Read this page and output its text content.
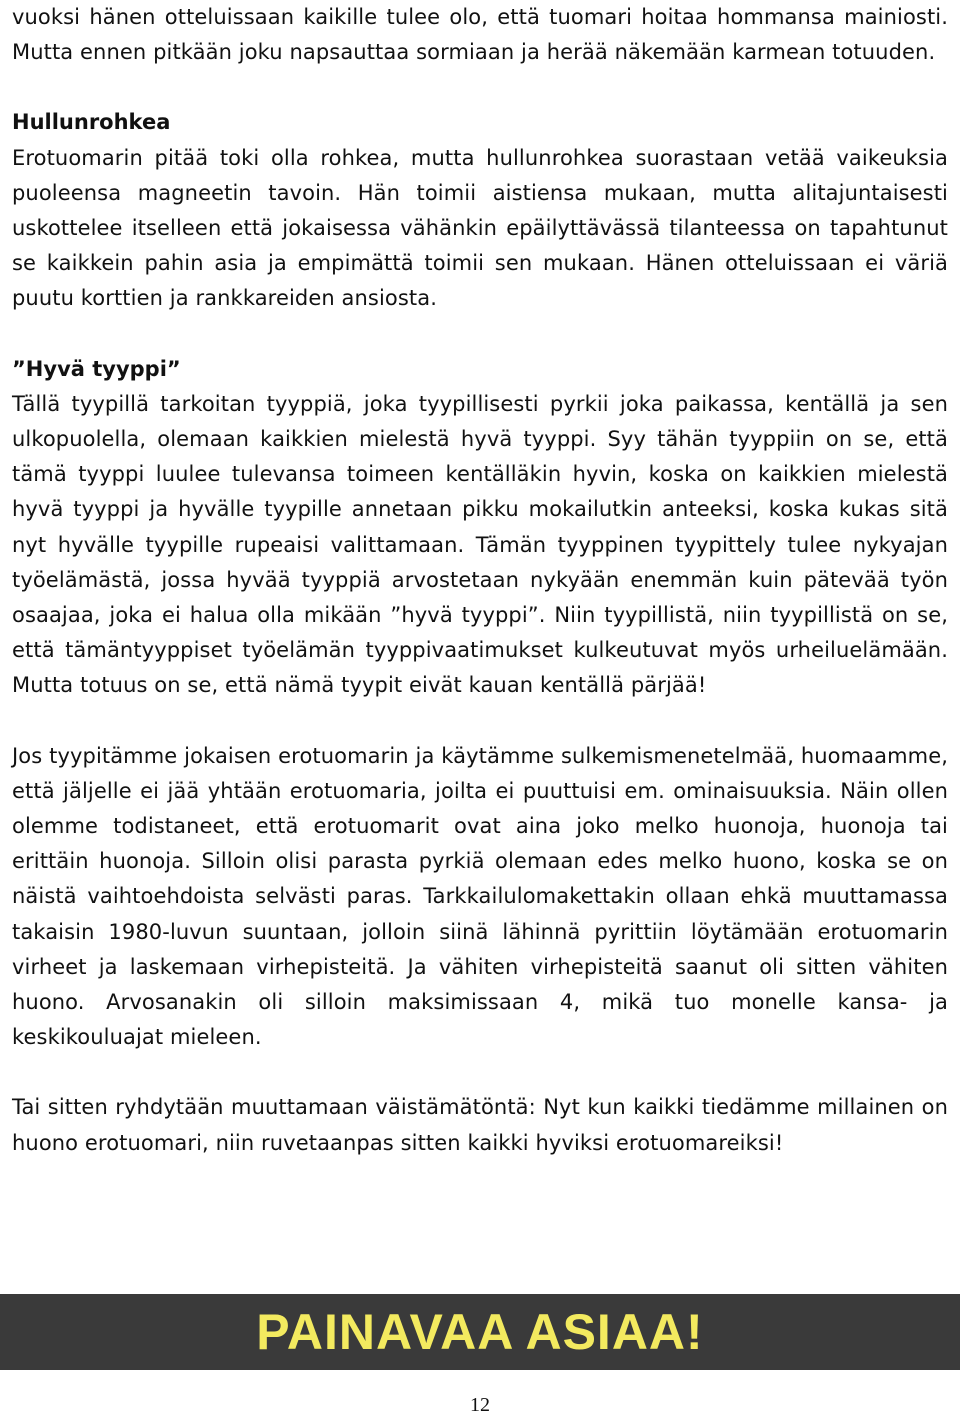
vuoksi hänen otteluissaan kaikille tulee olo, että tuomari hoitaa hommansa mainiosti. Mutta ennen pitkään joku napsauttaa sormiaan ja herää näkemään karmean totuuden.

Hullunrohkea

Erotuomarin pitää toki olla rohkea, mutta hullunrohkea suorastaan vetää vaikeuksia puoleensa magneetin tavoin. Hän toimii aistiensa mukaan, mutta alitajuntaisesti uskottelee itselleen että jokaisessa vähänkin epäilyttävässä tilanteessa on tapahtunut se kaikkein pahin asia ja empimättä toimii sen mukaan. Hänen otteluissaan ei väriä puutu korttien ja rankkareiden ansiosta.

”Hyvä tyyppi”

Tällä tyypillä tarkoitan tyyppiä, joka tyypillisesti pyrkii joka paikassa, kentällä ja sen ulkopuolella, olemaan kaikkien mielestä hyvä tyyppi. Syy tähän tyyppiin on se, että tämä tyyppi luulee tulevansa toimeen kentälläkin hyvin, koska on kaikkien mielestä hyvä tyyppi ja hyvälle tyypille annetaan pikku mokailutkin anteeksi, koska kukas sitä nyt hyvälle tyypille rupeaisi valittamaan. Tämän tyyppinen tyypittely tulee nykyajan työelämästä, jossa hyvää tyyppiä arvostetaan nykyään enemmän kuin pätevää työn osaajaa, joka ei halua olla mikään ”hyvä tyyppi”. Niin tyypillistä, niin tyypillistä on se, että tämäntyyppiset työelämän tyyppivaatimukset kulkeutuvat myös urheiluelämään. Mutta totuus on se, että nämä tyypit eivät kauan kentällä pärjää!

Jos tyypitämme jokaisen erotuomarin ja käytämme sulkemismenetelmää, huomaamme, että jäljelle ei jää yhtään erotuomaria, joilta ei puuttuisi em. ominaisuuksia. Näin ollen olemme todistaneet, että erotuomarit ovat aina joko melko huonoja, huonoja tai erittäin huonoja. Silloin olisi parasta pyrkiä olemaan edes melko huono, koska se on näistä vaihtoehdoista selvästi paras. Tarkkailulomakettakin ollaan ehkä muuttamassa takaisin 1980-luvun suuntaan, jolloin siinä lähinnä pyrittiin löytämään erotuomarin virheet ja laskemaan virhepisteitä. Ja vähiten virhepisteitä saanut oli sitten vähiten huono. Arvosanakin oli silloin maksimissaan 4, mikä tuo monelle kansa- ja keskikouluajat mieleen.

Tai sitten ryhdytään muuttamaan väistämätöntä: Nyt kun kaikki tiedämme millainen on huono erotuomari, niin ruvetaanpas sitten kaikki hyviksi erotuomareiksi!

PAINAVAA ASIAA!
12
